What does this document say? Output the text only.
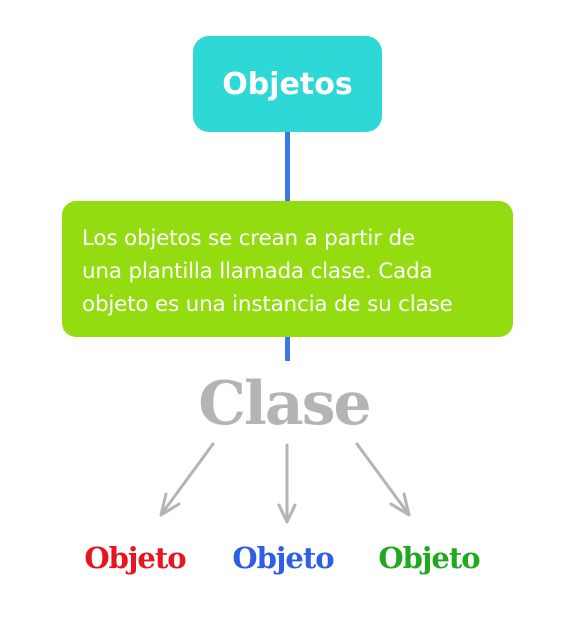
Objetos
Los objetos se crean a partir de
una plantilla llamada clase. Cada
objeto es una instancia de su clase
Clase
Objeto	Objeto	Objeto
